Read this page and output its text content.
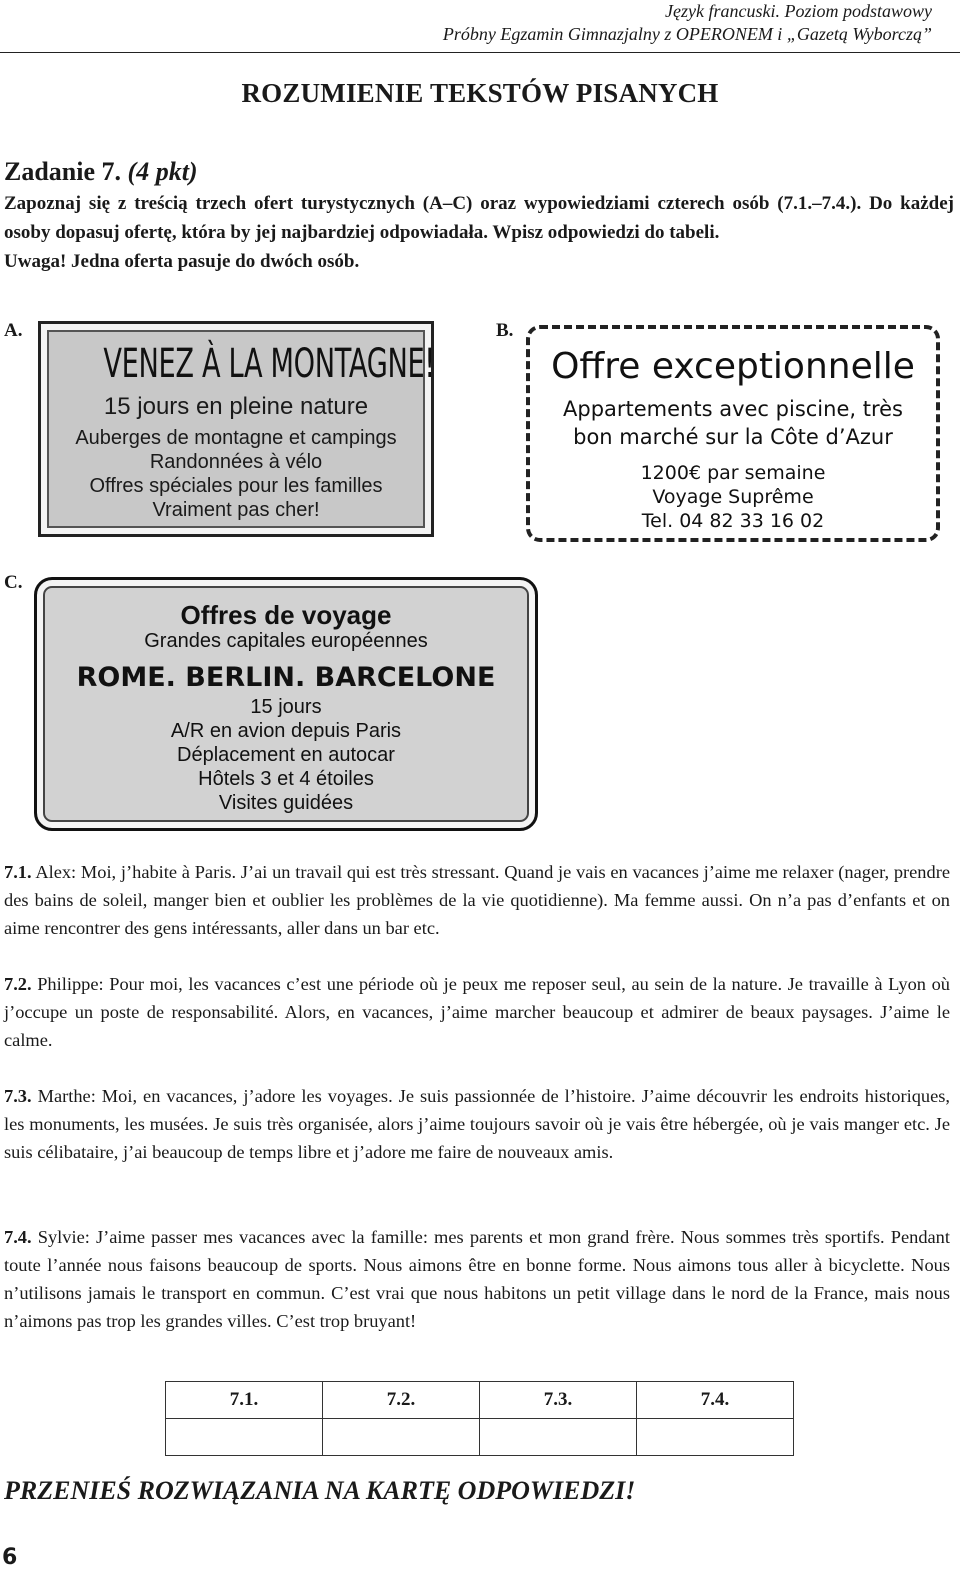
Język francuski. Poziom podstawowy
Próbny Egzamin Gimnazjalny z OPERONEM i „Gazetą Wyborczą”
ROZUMIENIE TEKSTÓW PISANYCH
Zadanie 7. (4 pkt)
Zapoznaj się z treścią trzech ofert turystycznych (A–C) oraz wypowiedziami czterech osób (7.1.–7.4.). Do każdej osoby dopasuj ofertę, która by jej najbardziej odpowiadała. Wpisz odpowiedzi do tabeli.
Uwaga! Jedna oferta pasuje do dwóch osób.
A.
VENEZ À LA MONTAGNE!
15 jours en pleine nature
Auberges de montagne et campings
Randonnées à vélo
Offres spéciales pour les familles
Vraiment pas cher!
B.
Offre exceptionnelle
Appartements avec piscine, très
bon marché sur la Côte d’Azur
1200€ par semaine
Voyage Suprême
Tel. 04 82 33 16 02
C.
Offres de voyage
Grandes capitales européennes
ROME. BERLIN. BARCELONE
15 jours
A/R en avion depuis Paris
Déplacement en autocar
Hôtels 3 et 4 étoiles
Visites guidées
7.1. Alex: Moi, j’habite à Paris. J’ai un travail qui est très stressant. Quand je vais en vacances j’aime me relaxer (nager, prendre des bains de soleil, manger bien et oublier les problèmes de la vie quotidienne). Ma femme aussi. On n’a pas d’enfants et on aime rencontrer des gens intéressants, aller dans un bar etc.
7.2. Philippe: Pour moi, les vacances c’est une période où je peux me reposer seul, au sein de la nature. Je travaille à Lyon où j’occupe un poste de responsabilité. Alors, en vacances, j’aime marcher beaucoup et admirer de beaux paysages. J’aime le calme.
7.3. Marthe: Moi, en vacances, j’adore les voyages. Je suis passionnée de l’histoire. J’aime découvrir les endroits historiques, les monuments, les musées. Je suis très organisée, alors j’aime toujours savoir où je vais être hébergée, où je vais manger etc. Je suis célibataire, j’ai beaucoup de temps libre et j’adore me faire de nouveaux amis.
7.4. Sylvie: J’aime passer mes vacances avec la famille: mes parents et mon grand frère. Nous sommes très sportifs. Pendant toute l’année nous faisons beaucoup de sports. Nous aimons être en bonne forme. Nous aimons tous aller à bicyclette. Nous n’utilisons jamais le transport en commun. C’est vrai que nous habitons un petit village dans le nord de la France, mais nous n’aimons pas trop les grandes villes. C’est trop bruyant!
7.1.	7.2.	7.3.	7.4.

PRZENIEŚ ROZWIĄZANIA NA KARTĘ ODPOWIEDZI!
6
